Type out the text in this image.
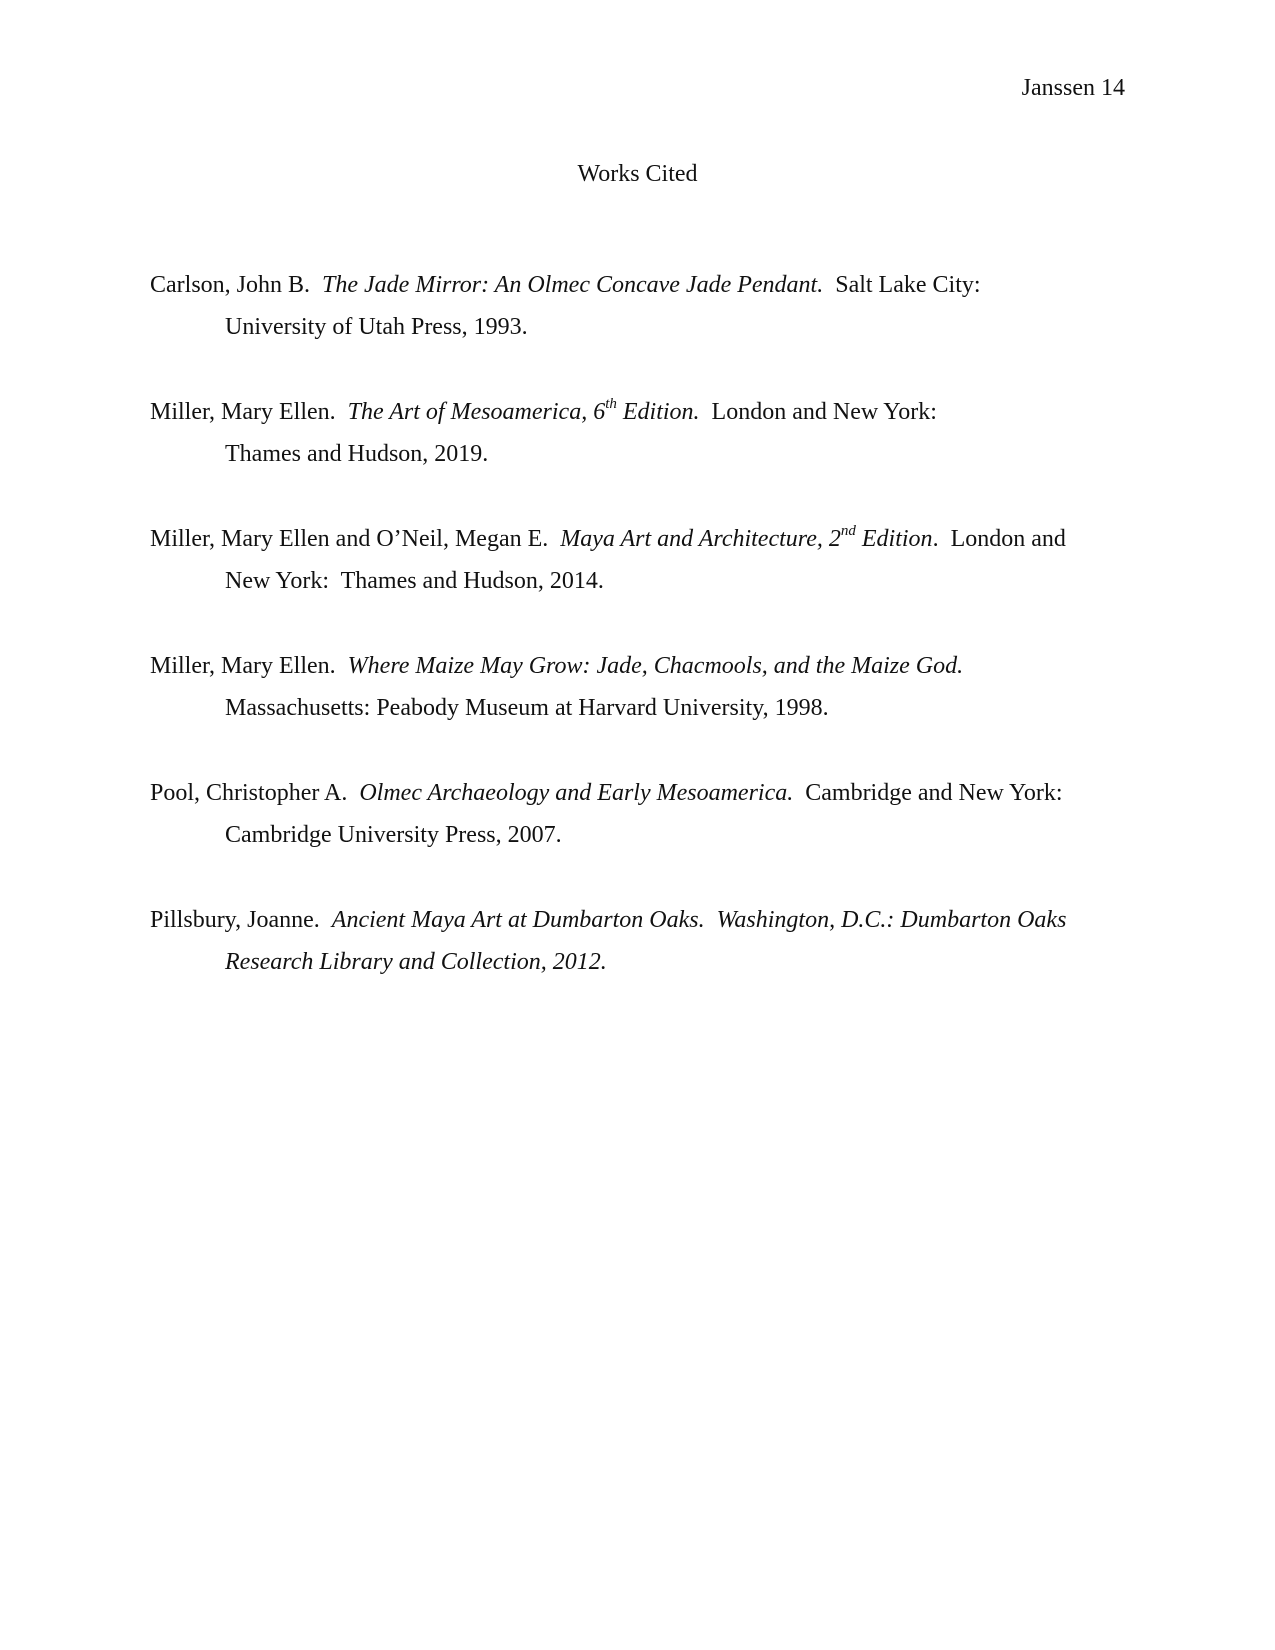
Janssen 14
Works Cited
Carlson, John B. The Jade Mirror: An Olmec Concave Jade Pendant. Salt Lake City:
University of Utah Press, 1993.
Miller, Mary Ellen. The Art of Mesoamerica, 6th Edition. London and New York:
Thames and Hudson, 2019.
Miller, Mary Ellen and O’Neil, Megan E. Maya Art and Architecture, 2nd Edition.  London and
New York:  Thames and Hudson, 2014.
Miller, Mary Ellen. Where Maize May Grow: Jade, Chacmools, and the Maize God.
Massachusetts: Peabody Museum at Harvard University, 1998.
Pool, Christopher A. Olmec Archaeology and Early Mesoamerica. Cambridge and New York:
Cambridge University Press, 2007.
Pillsbury, Joanne. Ancient Maya Art at Dumbarton Oaks.  Washington, D.C.: Dumbarton Oaks
Research Library and Collection, 2012.
